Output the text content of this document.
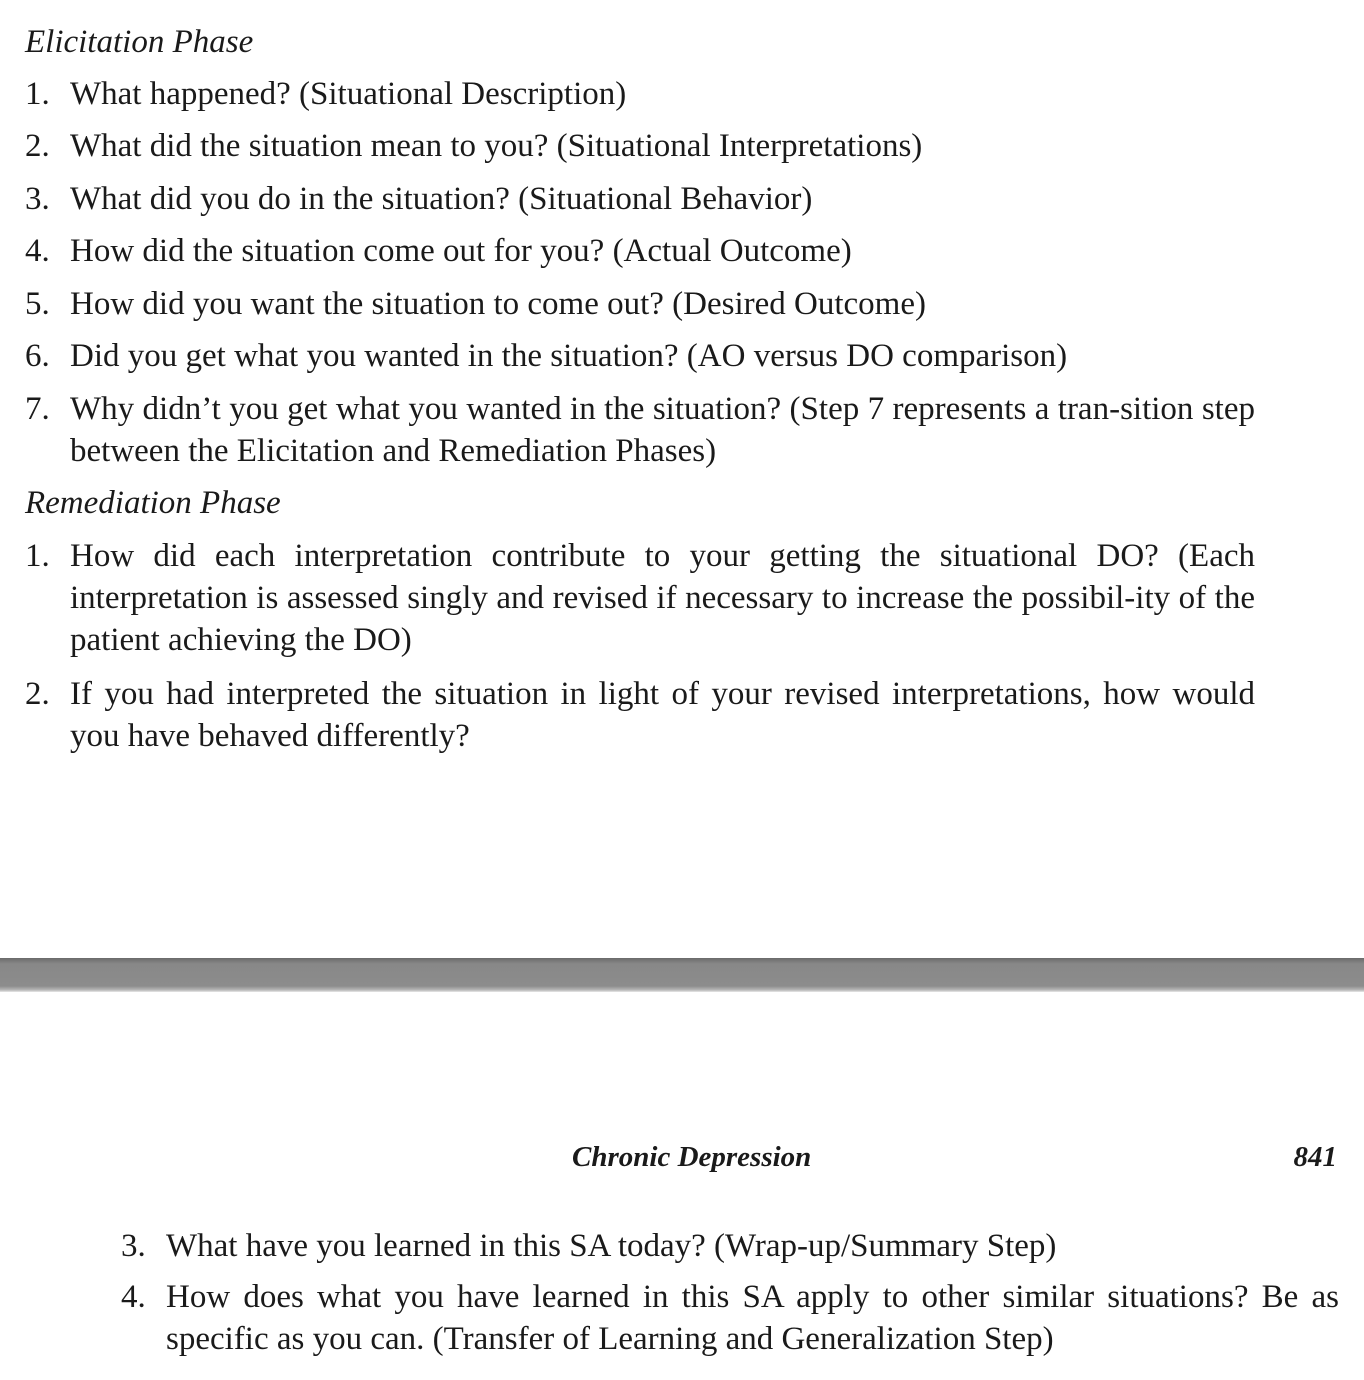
Elicitation Phase
1. What happened? (Situational Description)
2. What did the situation mean to you? (Situational Interpretations)
3. What did you do in the situation? (Situational Behavior)
4. How did the situation come out for you? (Actual Outcome)
5. How did you want the situation to come out? (Desired Outcome)
6. Did you get what you wanted in the situation? (AO versus DO comparison)
7. Why didn’t you get what you wanted in the situation? (Step 7 represents a tran-sition step between the Elicitation and Remediation Phases)
Remediation Phase
1. How did each interpretation contribute to your getting the situational DO? (Each interpretation is assessed singly and revised if necessary to increase the possibil-ity of the patient achieving the DO)
2. If you had interpreted the situation in light of your revised interpretations, how would you have behaved differently?
Chronic Depression	841
3. What have you learned in this SA today? (Wrap-up/Summary Step)
4. How does what you have learned in this SA apply to other similar situations? Be as specific as you can. (Transfer of Learning and Generalization Step)
